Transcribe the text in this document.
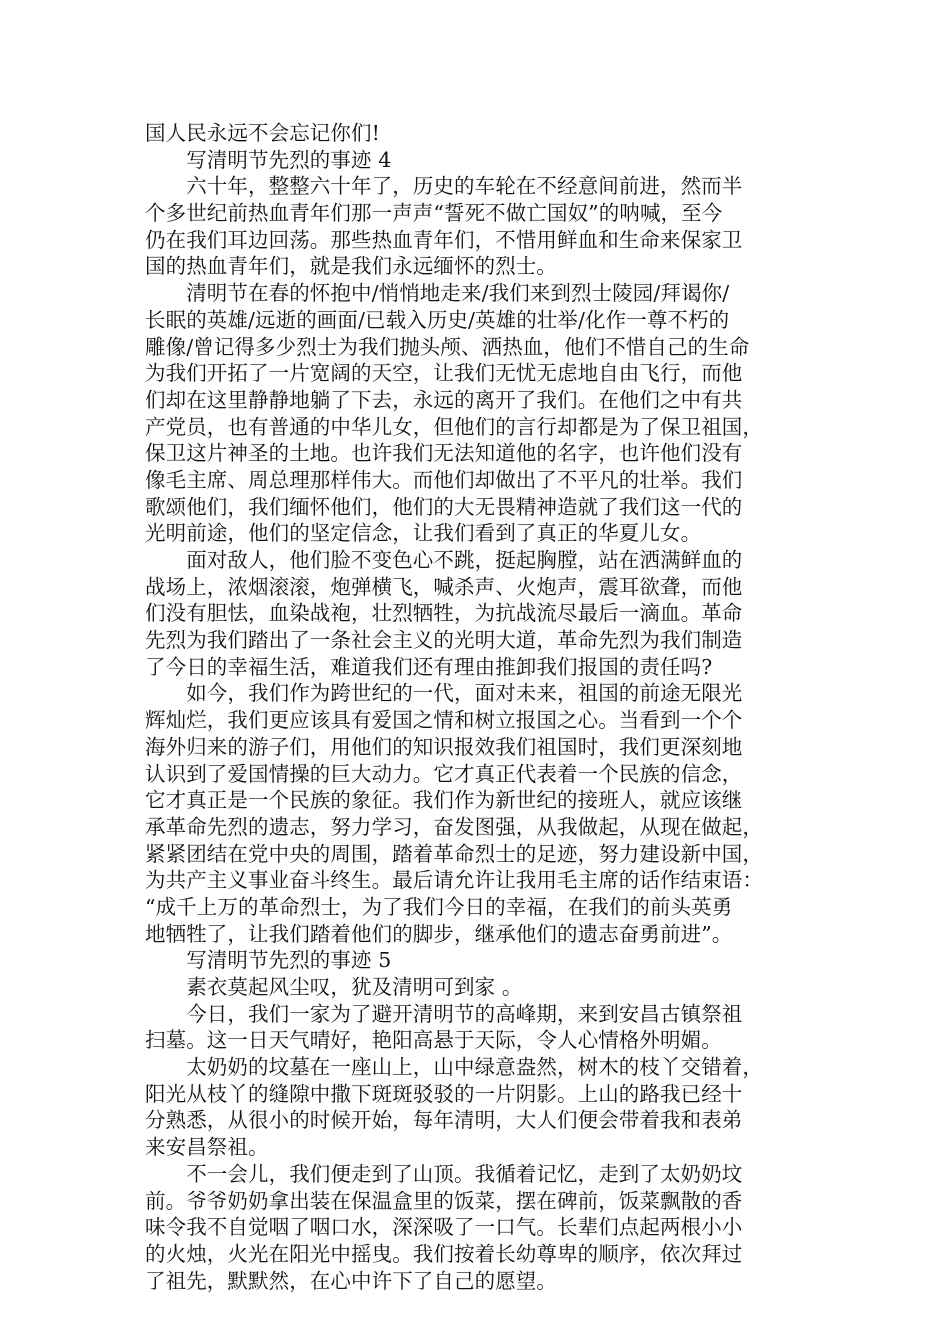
国人民永远不会忘记你们!
　　写清明节先烈的事迹 4
　　六十年，整整六十年了，历史的车轮在不经意间前进，然而半
个多世纪前热血青年们那一声声“誓死不做亡国奴”的呐喊，至今
仍在我们耳边回荡。那些热血青年们，不惜用鲜血和生命来保家卫
国的热血青年们，就是我们永远缅怀的烈士。
　　清明节在春的怀抱中/悄悄地走来/我们来到烈士陵园/拜谒你/
长眠的英雄/远逝的画面/已载入历史/英雄的壮举/化作一尊不朽的
雕像/曾记得多少烈士为我们抛头颅、洒热血，他们不惜自己的生命
为我们开拓了一片宽阔的天空，让我们无忧无虑地自由飞行，而他
们却在这里静静地躺了下去，永远的离开了我们。在他们之中有共
产党员，也有普通的中华儿女，但他们的言行却都是为了保卫祖国，
保卫这片神圣的土地。也许我们无法知道他的名字，也许他们没有
像毛主席、周总理那样伟大。而他们却做出了不平凡的壮举。我们
歌颂他们，我们缅怀他们，他们的大无畏精神造就了我们这一代的
光明前途，他们的坚定信念，让我们看到了真正的华夏儿女。
　　面对敌人，他们脸不变色心不跳，挺起胸膛，站在洒满鲜血的
战场上，浓烟滚滚，炮弹横飞，喊杀声、火炮声，震耳欲聋，而他
们没有胆怯，血染战袍，壮烈牺牲，为抗战流尽最后一滴血。革命
先烈为我们踏出了一条社会主义的光明大道，革命先烈为我们制造
了今日的幸福生活，难道我们还有理由推卸我们报国的责任吗?
　　如今，我们作为跨世纪的一代，面对未来，祖国的前途无限光
辉灿烂，我们更应该具有爱国之情和树立报国之心。当看到一个个
海外归来的游子们，用他们的知识报效我们祖国时，我们更深刻地
认识到了爱国情操的巨大动力。它才真正代表着一个民族的信念，
它才真正是一个民族的象征。我们作为新世纪的接班人，就应该继
承革命先烈的遗志，努力学习，奋发图强，从我做起，从现在做起，
紧紧团结在党中央的周围，踏着革命烈士的足迹，努力建设新中国，
为共产主义事业奋斗终生。最后请允许让我用毛主席的话作结束语：
“成千上万的革命烈士，为了我们今日的幸福，在我们的前头英勇
地牺牲了，让我们踏着他们的脚步，继承他们的遗志奋勇前进”。
　　写清明节先烈的事迹 5
　　素衣莫起风尘叹，犹及清明可到家 。
　　今日，我们一家为了避开清明节的高峰期，来到安昌古镇祭祖
扫墓。这一日天气晴好，艳阳高悬于天际，令人心情格外明媚。
　　太奶奶的坟墓在一座山上，山中绿意盎然，树木的枝丫交错着，
阳光从枝丫的缝隙中撒下斑斑驳驳的一片阴影。上山的路我已经十
分熟悉，从很小的时候开始，每年清明，大人们便会带着我和表弟
来安昌祭祖。
　　不一会儿，我们便走到了山顶。我循着记忆，走到了太奶奶坟
前。爷爷奶奶拿出装在保温盒里的饭菜，摆在碑前，饭菜飘散的香
味令我不自觉咽了咽口水，深深吸了一口气。长辈们点起两根小小
的火烛，火光在阳光中摇曳。我们按着长幼尊卑的顺序，依次拜过
了祖先，默默然，在心中许下了自己的愿望。
